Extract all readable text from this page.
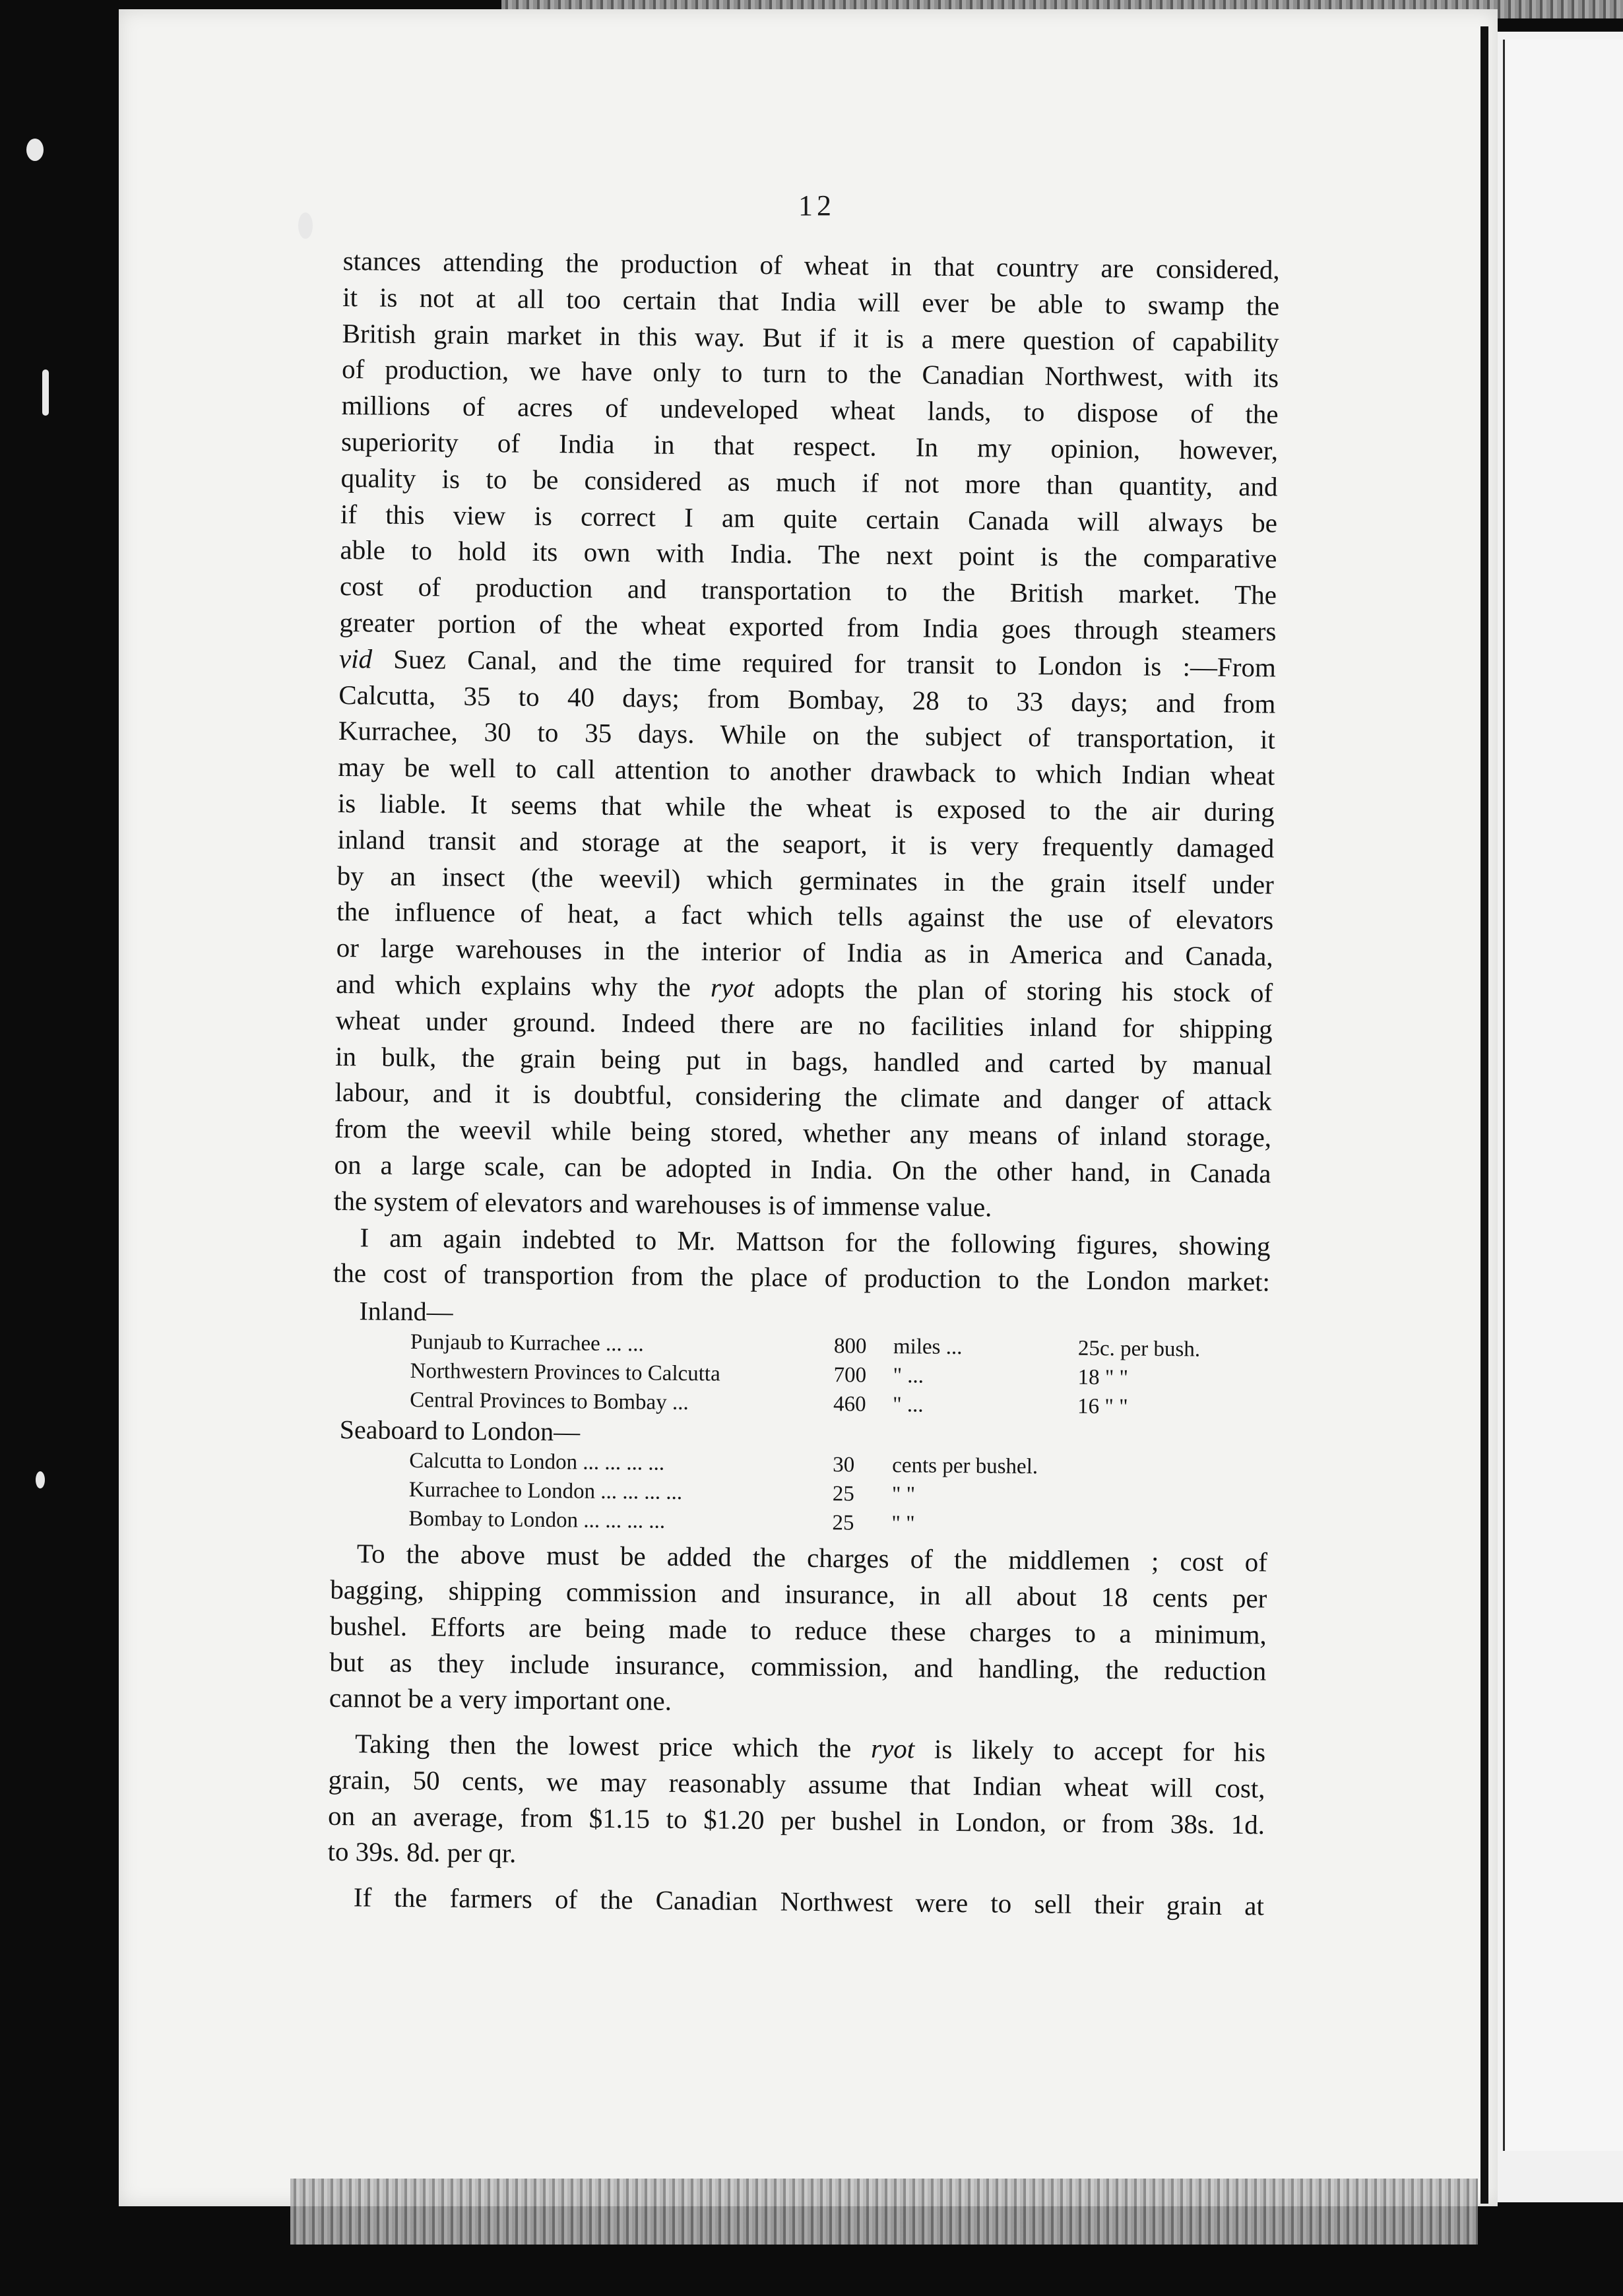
12
stances attending the production of wheat in that country are considered,
it is not at all too certain that India will ever be able to swamp the
British grain market in this way. But if it is a mere question of capability
of production, we have only to turn to the Canadian Northwest, with its
millions of acres of undeveloped wheat lands, to dispose of the
superiority of India in that respect. In my opinion, however,
quality is to be considered as much if not more than quantity, and
if this view is correct I am quite certain Canada will always be
able to hold its own with India. The next point is the comparative
cost of production and transportation to the British market. The
greater portion of the wheat exported from India goes through steamers
vid Suez Canal, and the time required for transit to London is :—From
Calcutta, 35 to 40 days; from Bombay, 28 to 33 days; and from
Kurrachee, 30 to 35 days. While on the subject of transportation, it
may be well to call attention to another drawback to which Indian wheat
is liable. It seems that while the wheat is exposed to the air during
inland transit and storage at the seaport, it is very frequently damaged
by an insect (the weevil) which germinates in the grain itself under
the influence of heat, a fact which tells against the use of elevators
or large warehouses in the interior of India as in America and Canada,
and which explains why the ryot adopts the plan of storing his stock of
wheat under ground. Indeed there are no facilities inland for shipping
in bulk, the grain being put in bags, handled and carted by manual
labour, and it is doubtful, considering the climate and danger of attack
from the weevil while being stored, whether any means of inland storage,
on a large scale, can be adopted in India. On the other hand, in Canada
the system of elevators and warehouses is of immense value.
I am again indebted to Mr. Mattson for the following figures, showing
the cost of transportion from the place of production to the London market:
Inland—
Punjaub to Kurrachee ... ...	800	miles ...	25c. per bush.
Northwestern Provinces to Calcutta	700	" ...	18 " "
Central Provinces to Bombay ...	460	" ...	16 " "
Seaboard to London—
Calcutta to London ... ... ... ...	30	cents per bushel.
Kurrachee to London ... ... ... ...	25	" "
Bombay to London ... ... ... ...	25	" "
To the above must be added the charges of the middlemen ; cost of
bagging, shipping commission and insurance, in all about 18 cents per
bushel. Efforts are being made to reduce these charges to a minimum,
but as they include insurance, commission, and handling, the reduction
cannot be a very important one.
Taking then the lowest price which the ryot is likely to accept for his
grain, 50 cents, we may reasonably assume that Indian wheat will cost,
on an average, from $1.15 to $1.20 per bushel in London, or from 38s. 1d.
to 39s. 8d. per qr.
If the farmers of the Canadian Northwest were to sell their grain at
